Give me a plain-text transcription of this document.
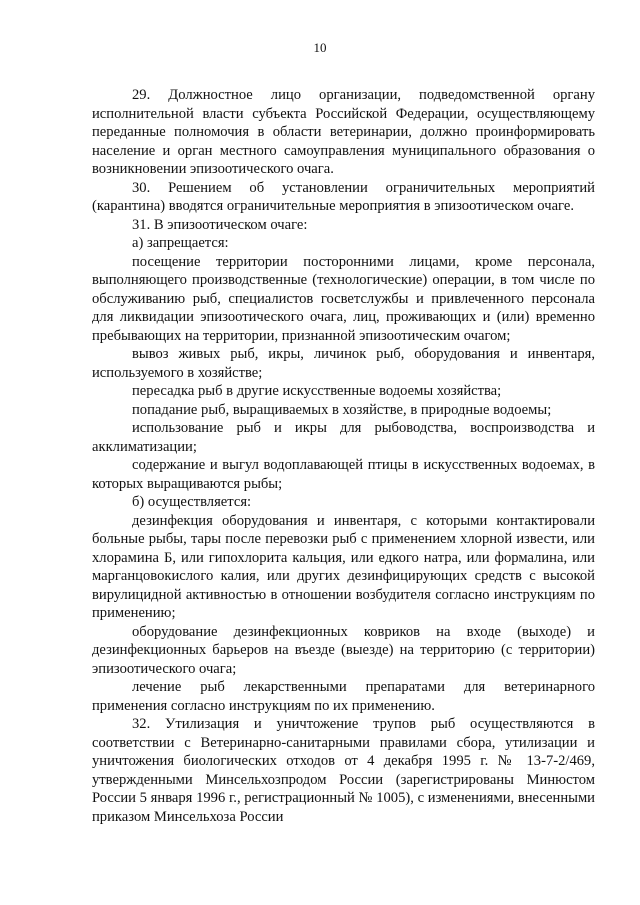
10

29. Должностное лицо организации, подведомственной органу исполнительной власти субъекта Российской Федерации, осуществляющему переданные полномочия в области ветеринарии, должно проинформировать население и орган местного самоуправления муниципального образования о возникновении эпизоотического очага.

30. Решением об установлении ограничительных мероприятий (карантина) вводятся ограничительные мероприятия в эпизоотическом очаге.

31. В эпизоотическом очаге:

а) запрещается:

посещение территории посторонними лицами, кроме персонала, выполняющего производственные (технологические) операции, в том числе по обслуживанию рыб, специалистов госветслужбы и привлеченного персонала для ликвидации эпизоотического очага, лиц, проживающих и (или) временно пребывающих на территории, признанной эпизоотическим очагом;

вывоз живых рыб, икры, личинок рыб, оборудования и инвентаря, используемого в хозяйстве;

пересадка рыб в другие искусственные водоемы хозяйства;

попадание рыб, выращиваемых в хозяйстве, в природные водоемы;

использование рыб и икры для рыбоводства, воспроизводства и акклиматизации;

содержание и выгул водоплавающей птицы в искусственных водоемах, в которых выращиваются рыбы;

б) осуществляется:

дезинфекция оборудования и инвентаря, с которыми контактировали больные рыбы, тары после перевозки рыб с применением хлорной извести, или хлорамина Б, или гипохлорита кальция, или едкого натра, или формалина, или марганцовокислого калия, или других дезинфицирующих средств с высокой вирулицидной активностью в отношении возбудителя согласно инструкциям по применению;

оборудование дезинфекционных ковриков на входе (выходе) и дезинфекционных барьеров на въезде (выезде) на территорию (с территории) эпизоотического очага;

лечение рыб лекарственными препаратами для ветеринарного применения согласно инструкциям по их применению.

32. Утилизация и уничтожение трупов рыб осуществляются в соответствии с Ветеринарно-санитарными правилами сбора, утилизации и уничтожения биологических отходов от 4 декабря 1995 г. № 13-7-2/469, утвержденными Минсельхозпродом России (зарегистрированы Минюстом России 5 января 1996 г., регистрационный № 1005), с изменениями, внесенными приказом Минсельхоза России
